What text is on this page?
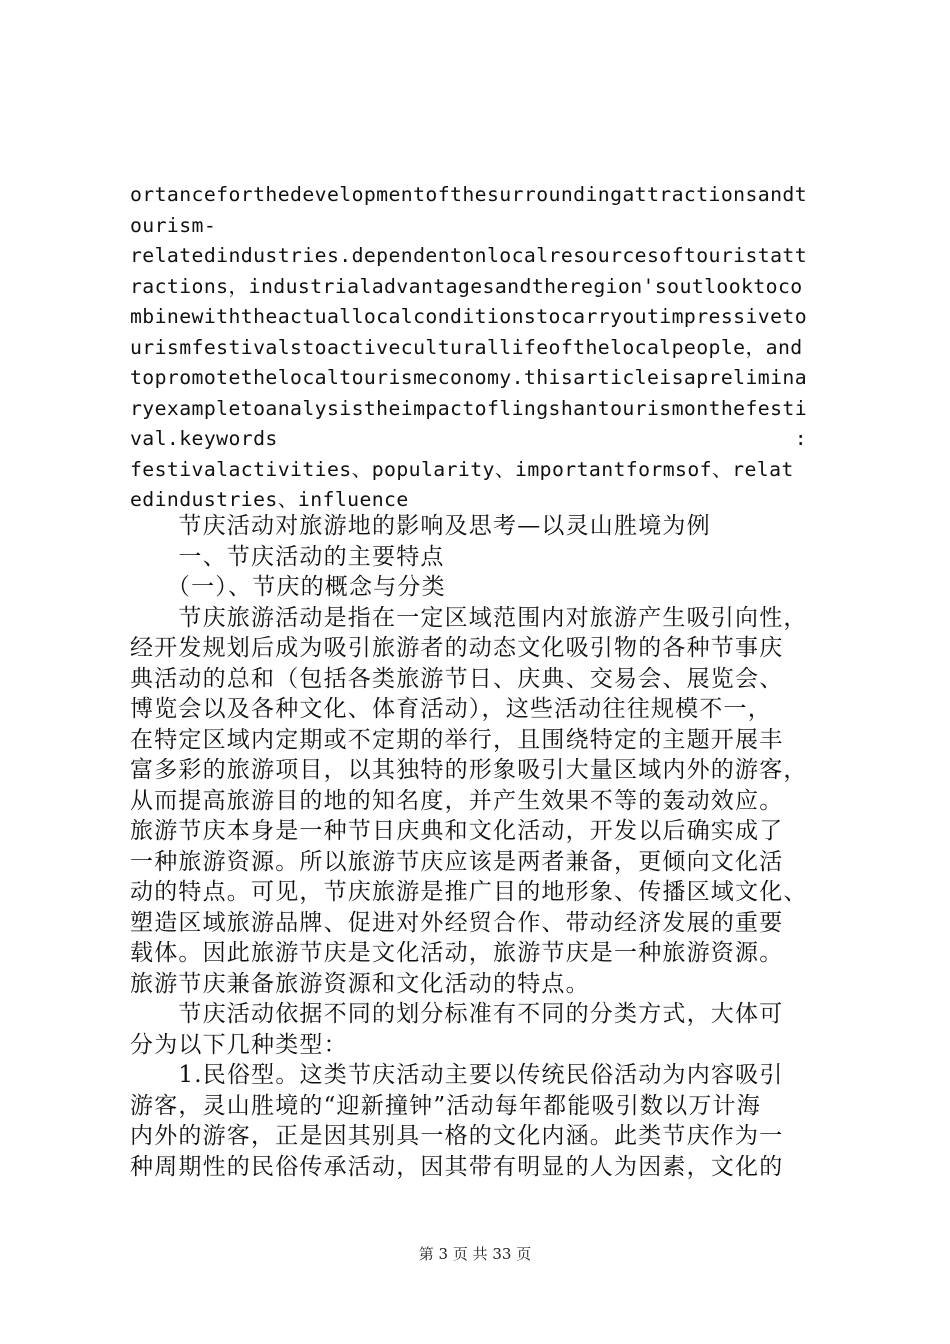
ortanceforthedevelopmentofthesurroundingattractionsandt
ourism-
relatedindustries.dependentonlocalresourcesoftouristatt
ractions，industrialadvantagesandtheregion'soutlooktoco
mbinewiththeactuallocalconditionstocarryoutimpressiveto
urismfestivalstoactiveculturallifeofthelocalpeople，and
topromotethelocaltourismeconomy.thisarticleisaprelimina
ryexampletoanalysistheimpactoflingshantourismonthefesti
val.keywords                                          :
festivalactivities、popularity、importantformsof、relat
edindustries、influence
　　节庆活动对旅游地的影响及思考—以灵山胜境为例
　　一、节庆活动的主要特点
　　（一）、节庆的概念与分类
　　节庆旅游活动是指在一定区域范围内对旅游产生吸引向性，
经开发规划后成为吸引旅游者的动态文化吸引物的各种节事庆
典活动的总和（包括各类旅游节日、庆典、交易会、展览会、
博览会以及各种文化、体育活动），这些活动往往规模不一，
在特定区域内定期或不定期的举行，且围绕特定的主题开展丰
富多彩的旅游项目，以其独特的形象吸引大量区域内外的游客，
从而提高旅游目的地的知名度，并产生效果不等的轰动效应。
旅游节庆本身是一种节日庆典和文化活动，开发以后确实成了
一种旅游资源。所以旅游节庆应该是两者兼备，更倾向文化活
动的特点。可见，节庆旅游是推广目的地形象、传播区域文化、
塑造区域旅游品牌、促进对外经贸合作、带动经济发展的重要
载体。因此旅游节庆是文化活动，旅游节庆是一种旅游资源。
旅游节庆兼备旅游资源和文化活动的特点。
　　节庆活动依据不同的划分标准有不同的分类方式，大体可
分为以下几种类型：
　　1.民俗型。这类节庆活动主要以传统民俗活动为内容吸引
游客，灵山胜境的“迎新撞钟”活动每年都能吸引数以万计海
内外的游客，正是因其别具一格的文化内涵。此类节庆作为一
种周期性的民俗传承活动，因其带有明显的人为因素，文化的
第 3 页 共 33 页
